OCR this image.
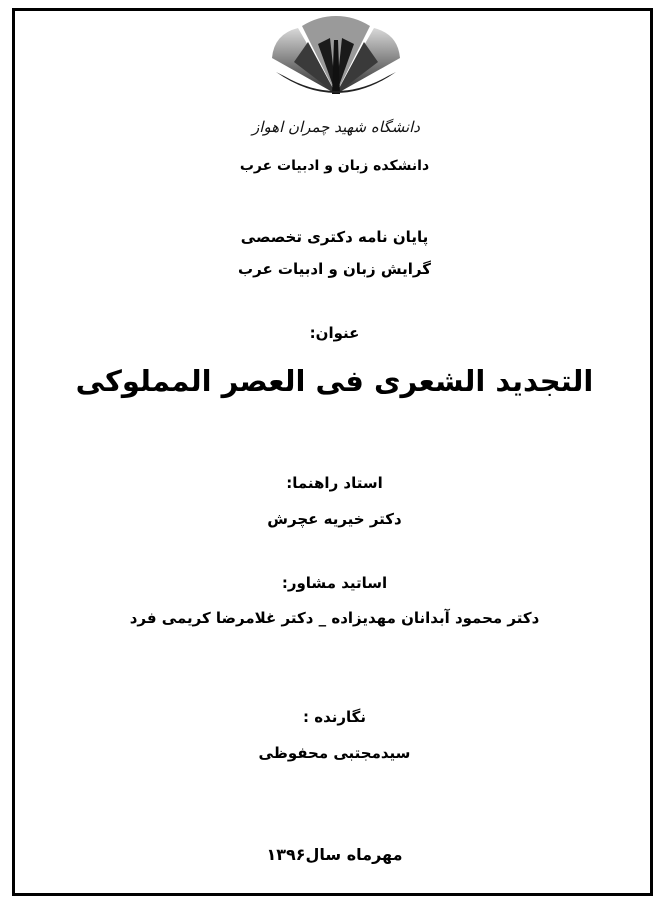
دانشگاه شهید چمران اهواز
دانشکده زبان و ادبیات عرب
پایان نامه دکتری تخصصی
گرایش زبان و ادبیات عرب
عنوان:
التجدید الشعری فی العصر المملوکی
استاد راهنما:
دکتر خیریه عچرش
اساتید مشاور:
دکتر محمود آبدانان مهدیزاده _ دکتر غلامرضا کریمی فرد
نگارنده :
سیدمجتبی محفوظی
مهرماه سال۱۳۹۶
